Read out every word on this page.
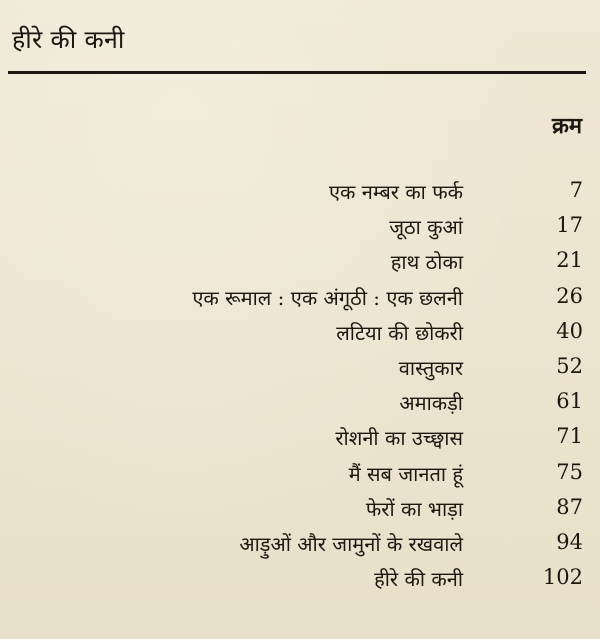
हीरे की कनी
क्रम
एक नम्बर का फर्क	7
जूठा कुआं	17
हाथ ठोका	21
एक रूमाल : एक अंगूठी : एक छलनी	26
लटिया की छोकरी	40
वास्तुकार	52
अमाकड़ी	61
रोशनी का उच्छ्वास	71
मैं सब जानता हूं	75
फेरों का भाड़ा	87
आड़ुओं और जामुनों के रखवाले	94
हीरे की कनी	102
